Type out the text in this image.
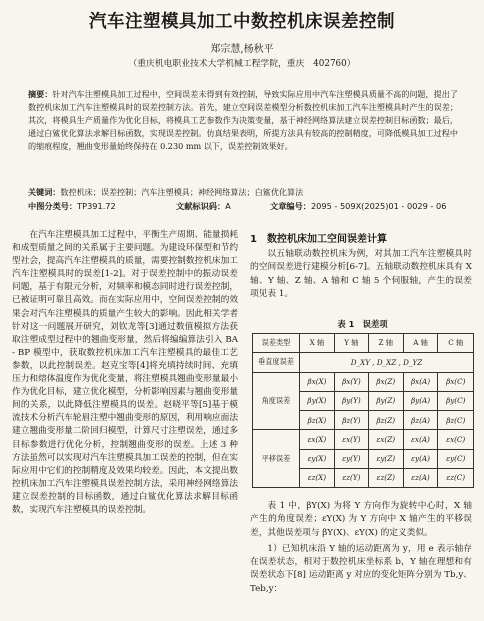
汽车注塑模具加工中数控机床误差控制
郑宗慧,杨秋平
（重庆机电职业技术大学机械工程学院，重庆　402760）
摘要：针对汽车注塑模具加工过程中，空间误差未得到有效控制，导致实际应用中汽车注塑模具质量不高的问题，提出了数控机床加工汽车注塑模具时的误差控制方法。首先，建立空间误差模型分析数控机床加工汽车注塑模具时产生的误差；其次，将模具生产质量作为优化目标，将模具工艺参数作为决策变量，基于神经网络算法建立误差控制目标函数；最后，通过白鲨优化算法求解目标函数，实现误差控制。仿真结果表明，所提方法具有较高的控制精度，可降低模具加工过程中的缩痕程度，翘曲变形量始终保持在 0.230 mm 以下，误差控制效果好。
关键词：数控机床；误差控制；汽车注塑模具；神经网络算法；白鲨优化算法
中图分类号：TP391.72	文献标识码：A	文章编号：2095 - 509X(2025)01 - 0029 - 06

在汽车注塑模具加工过程中，平衡生产周期、能量损耗和成型质量之间的关系属于主要问题。为建设环保型和节约型社会，提高汽车注塑模具的质量，需要控制数控机床加工汽车注塑模具时的误差[1-2]。对于误差控制中的振动误差问题，基于有限元分析，对频率和模态同时进行误差控制，已被证明可靠且高效。而在实际应用中，空间误差控制的效果会对汽车注塑模具的质量产生较大的影响。因此相关学者针对这一问题展开研究，刘钦龙等[3]通过数值模拟方法获取注塑成型过程中的翘曲变形量，然后将编编算法引入 BA - BP 模型中，获取数控机床加工汽车注塑模具的最佳工艺参数，以此控制误差。赵克宝等[4]将充填持续时间、充填压力和熔体温度作为优化变量，将注塑模具翘曲变形量最小作为优化目标，建立优化模型，分析影响因素与翘曲变形量间的关系，以此降低注塑模具的误差。赵晓平等[5]基于模流技术分析汽车轮眉注塑中翘曲变形的原因，利用响应面法建立翘曲变形量二阶回归模型，计算尺寸注塑误差，通过多目标参数进行优化分析，控制翘曲变形的误差。上述 3 种方法虽然可以实现对汽车注塑模具加工误差的控制，但在实际应用中它们的控制精度及效果均较差。因此，本文提出数控机床加工汽车注塑模具误差控制方法，采用神经网络算法建立误差控制的目标函数，通过白鲨优化算法求解目标函数，实现汽车注塑模具的误差控制。

1　数控机床加工空间误差计算

以五轴联动数控机床为例，对其加工汽车注塑模具时的空间误差进行建模分析[6-7]。五轴联动数控机床具有 X 轴、Y 轴、Z 轴、A 轴和 C 轴 5 个伺服轴，产生的误差项见表 1。

表 1　误差项
误差类型	X 轴	Y 轴	Z 轴	A 轴	C 轴
垂直度误差	D_XY , D_XZ , D_YZ				
角度误差	βx(X)	βx(Y)	βx(Z)	βx(A)	βx(C)
	βy(X)	βy(Y)	βy(Z)	βy(A)	βy(C)
	βz(X)	βz(Y)	βz(Z)	βz(A)	βz(C)
平移误差	εx(X)	εx(Y)	εx(Z)	εx(A)	εx(C)
	εy(X)	εy(Y)	εy(Z)	εy(A)	εy(C)
	εz(X)	εz(Y)	εz(Z)	εz(A)	εz(C)

表 1 中，βY(X) 为将 Y 方向作为旋转中心时，X 轴产生的角度误差；εY(X) 为 Y 方向中 X 轴产生的平移误差，其他误差项与 βY(X)、εY(X) 的定义类似。

1）已知机床沿 Y 轴的运动距离为 y，用 e 表示轴存在误差状态，相对于数控机床坐标系 b，Y 轴在理想和有误差状态下[8] 运动距离 y 对应的变化矩阵分别为 Tb,y、Teb,y：
